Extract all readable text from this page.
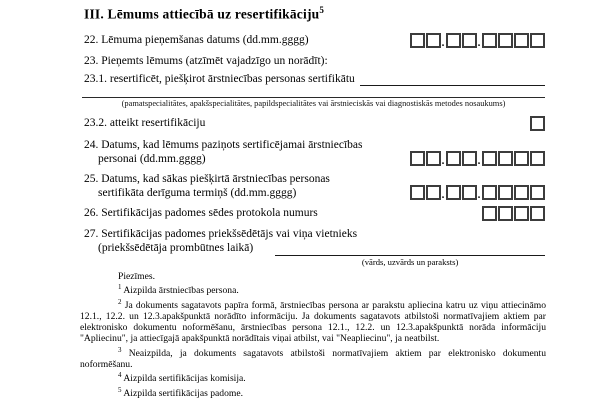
III. Lēmums attiecībā uz resertifikāciju$^5$
22. Lēmuma pieņemšanas datums (dd.mm.gggg)	.	.
23. Pieņemts lēmums (atzīmēt vajadzīgo un norādīt):
23.1. resertificēt, piešķirot ārstniecības personas sertifikātu
(pamatspecialitātes, apakšspecialitātes, papildspecialitātes vai ārstnieciskās vai diagnostiskās metodes nosaukums)
23.2. atteikt resertifikāciju
24. Datums, kad lēmums paziņots sertificējamai ārstniecības
personai (dd.mm.gggg)	.	.
25. Datums, kad sākas piešķirtā ārstniecības personas
sertifikāta derīguma termiņš (dd.mm.gggg)	.	.
26. Sertifikācijas padomes sēdes protokola numurs
27. Sertifikācijas padomes priekšsēdētājs vai viņa vietnieks
(priekšsēdētāja prombūtnes laikā)
(vārds, uzvārds un paraksts)

Piezīmes.

$^1$ Aizpilda ārstniecības persona.

$^2$ Ja dokuments sagatavots papīra formā, ārstniecības persona ar parakstu apliecina katru uz viņu attiecināmo 12.1., 12.2. un 12.3.apakšpunktā norādīto informāciju. Ja dokuments sagatavots atbilstoši normatīvajiem aktiem par elektronisko dokumentu noformēšanu, ārstniecības persona 12.1., 12.2. un 12.3.apakšpunktā norāda informāciju "Apliecinu", ja attiecīgajā apakšpunktā norādītais viņai atbilst, vai "Neapliecinu", ja neatbilst.

$^3$ Neaizpilda, ja dokuments sagatavots atbilstoši normatīvajiem aktiem par elektronisko dokumentu noformēšanu.

$^4$ Aizpilda sertifikācijas komisija.

$^5$ Aizpilda sertifikācijas padome.
